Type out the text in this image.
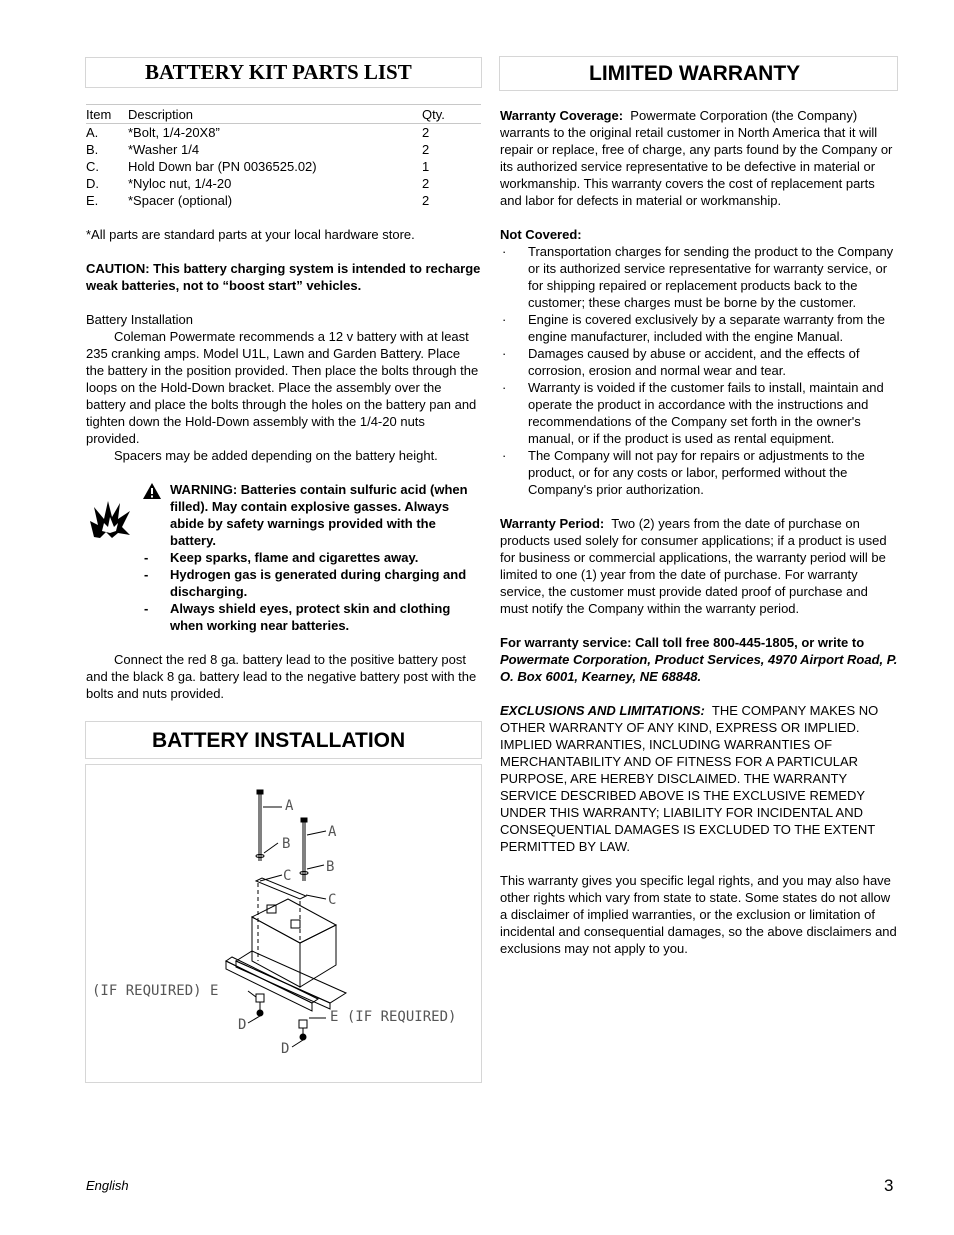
BATTERY KIT PARTS LIST
Item	Description	Qty.
A.	*Bolt, 1/4-20X8”	2
B.	*Washer 1/4	2
C.	Hold Down bar (PN 0036525.02)	1
D.	*Nyloc nut, 1/4-20	2
E.	*Spacer (optional)	2

*All parts are standard parts at your local hardware store.

CAUTION: This battery charging system is intended to recharge weak batteries, not to “boost start” vehicles.

Battery Installation

Coleman Powermate recommends a 12 v battery with at least 235 cranking amps. Model U1L, Lawn and Garden Battery. Place the battery in the position provided. Then place the bolts through the loops on the Hold-Down bracket. Place the assembly over the battery and place the bolts through the holes on the battery pan and tighten down the Hold-Down assembly with the 1/4-20 nuts provided.

Spacers may be added depending on the battery height.

WARNING: Batteries contain sulfuric acid (when filled). May contain explosive gasses. Always abide by safety warnings provided with the battery.

-	Keep sparks, flame and cigarettes away.
-	Hydrogen gas is generated during charging and discharging.
-	Always shield eyes, protect skin and clothing when working near batteries.

Connect the red 8 ga. battery lead to the positive battery post and the black 8 ga. battery lead to the negative battery post with the bolts and nuts provided.

BATTERY INSTALLATION
A
B
C
A
B
C
(IF REQUIRED) E
E (IF REQUIRED)
D
D
LIMITED WARRANTY

Warranty Coverage: Powermate Corporation (the Company) warrants to the original retail customer in North America that it will repair or replace, free of charge, any parts found by the Company or its authorized service representative to be defective in material or workmanship. This warranty covers the cost of replacement parts and labor for defects in material or workmanship.

Not Covered:

·	Transportation charges for sending the product to the Company or its authorized service representative for warranty service, or for shipping repaired or replacement products back to the customer; these charges must be borne by the customer.
·	Engine is covered exclusively by a separate warranty from the engine manufacturer, included with the engine Manual.
·	Damages caused by abuse or accident, and the effects of corrosion, erosion and normal wear and tear.
·	Warranty is voided if the customer fails to install, maintain and operate the product in accordance with the instructions and recommendations of the Company set forth in the owner's manual, or if the product is used as rental equipment.
·	The Company will not pay for repairs or adjustments to the product, or for any costs or labor, performed without the Company's prior authorization.

Warranty Period: Two (2) years from the date of purchase on products used solely for consumer applications; if a product is used for business or commercial applications, the warranty period will be limited to one (1) year from the date of purchase. For warranty service, the customer must provide dated proof of purchase and must notify the Company within the warranty period.

For warranty service: Call toll free 800-445-1805, or write to Powermate Corporation, Product Services, 4970 Airport Road, P. O. Box 6001, Kearney, NE 68848.

EXCLUSIONS AND LIMITATIONS: THE COMPANY MAKES NO OTHER WARRANTY OF ANY KIND, EXPRESS OR IMPLIED. IMPLIED WARRANTIES, INCLUDING WARRANTIES OF MERCHANTABILITY AND OF FITNESS FOR A PARTICULAR PURPOSE, ARE HEREBY DISCLAIMED. THE WARRANTY SERVICE DESCRIBED ABOVE IS THE EXCLUSIVE REMEDY UNDER THIS WARRANTY; LIABILITY FOR INCIDENTAL AND CONSEQUENTIAL DAMAGES IS EXCLUDED TO THE EXTENT PERMITTED BY LAW.

This warranty gives you specific legal rights, and you may also have other rights which vary from state to state. Some states do not allow a disclaimer of implied warranties, or the exclusion or limitation of incidental and consequential damages, so the above disclaimers and exclusions may not apply to you.

English	3
